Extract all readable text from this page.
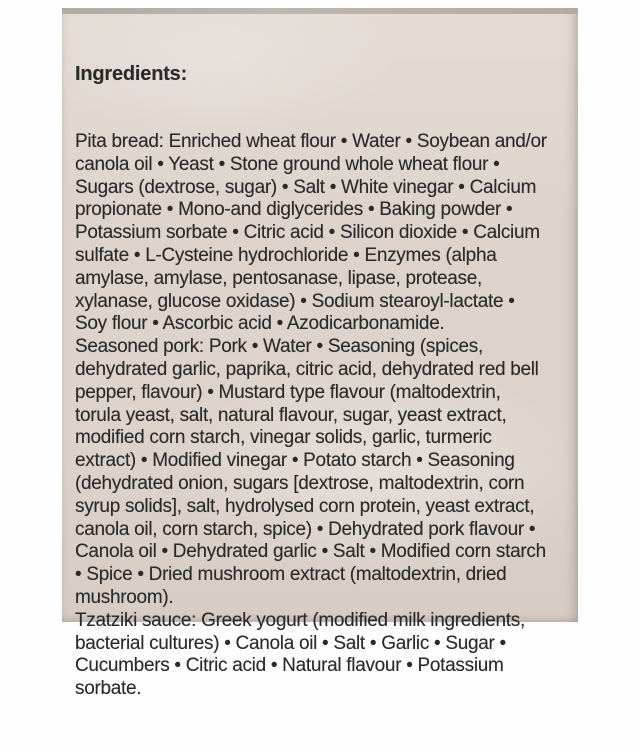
Ingredients:

Pita bread: Enriched wheat flour • Water • Soybean and/or
canola oil • Yeast • Stone ground whole wheat flour •
Sugars (dextrose, sugar) • Salt • White vinegar • Calcium
propionate • Mono-and diglycerides • Baking powder •
Potassium sorbate • Citric acid • Silicon dioxide • Calcium
sulfate • L-Cysteine hydrochloride • Enzymes (alpha
amylase, amylase, pentosanase, lipase, protease,
xylanase, glucose oxidase) • Sodium stearoyl-lactate •
Soy flour • Ascorbic acid • Azodicarbonamide.
Seasoned pork: Pork • Water • Seasoning (spices,
dehydrated garlic, paprika, citric acid, dehydrated red bell
pepper, flavour) • Mustard type flavour (maltodextrin,
torula yeast, salt, natural flavour, sugar, yeast extract,
modified corn starch, vinegar solids, garlic, turmeric
extract) • Modified vinegar • Potato starch • Seasoning
(dehydrated onion, sugars [dextrose, maltodextrin, corn
syrup solids], salt, hydrolysed corn protein, yeast extract,
canola oil, corn starch, spice) • Dehydrated pork flavour •
Canola oil • Dehydrated garlic • Salt • Modified corn starch
• Spice • Dried mushroom extract (maltodextrin, dried
mushroom).
Tzatziki sauce: Greek yogurt (modified milk ingredients,
bacterial cultures) • Canola oil • Salt • Garlic • Sugar •
Cucumbers • Citric acid • Natural flavour • Potassium
sorbate.
